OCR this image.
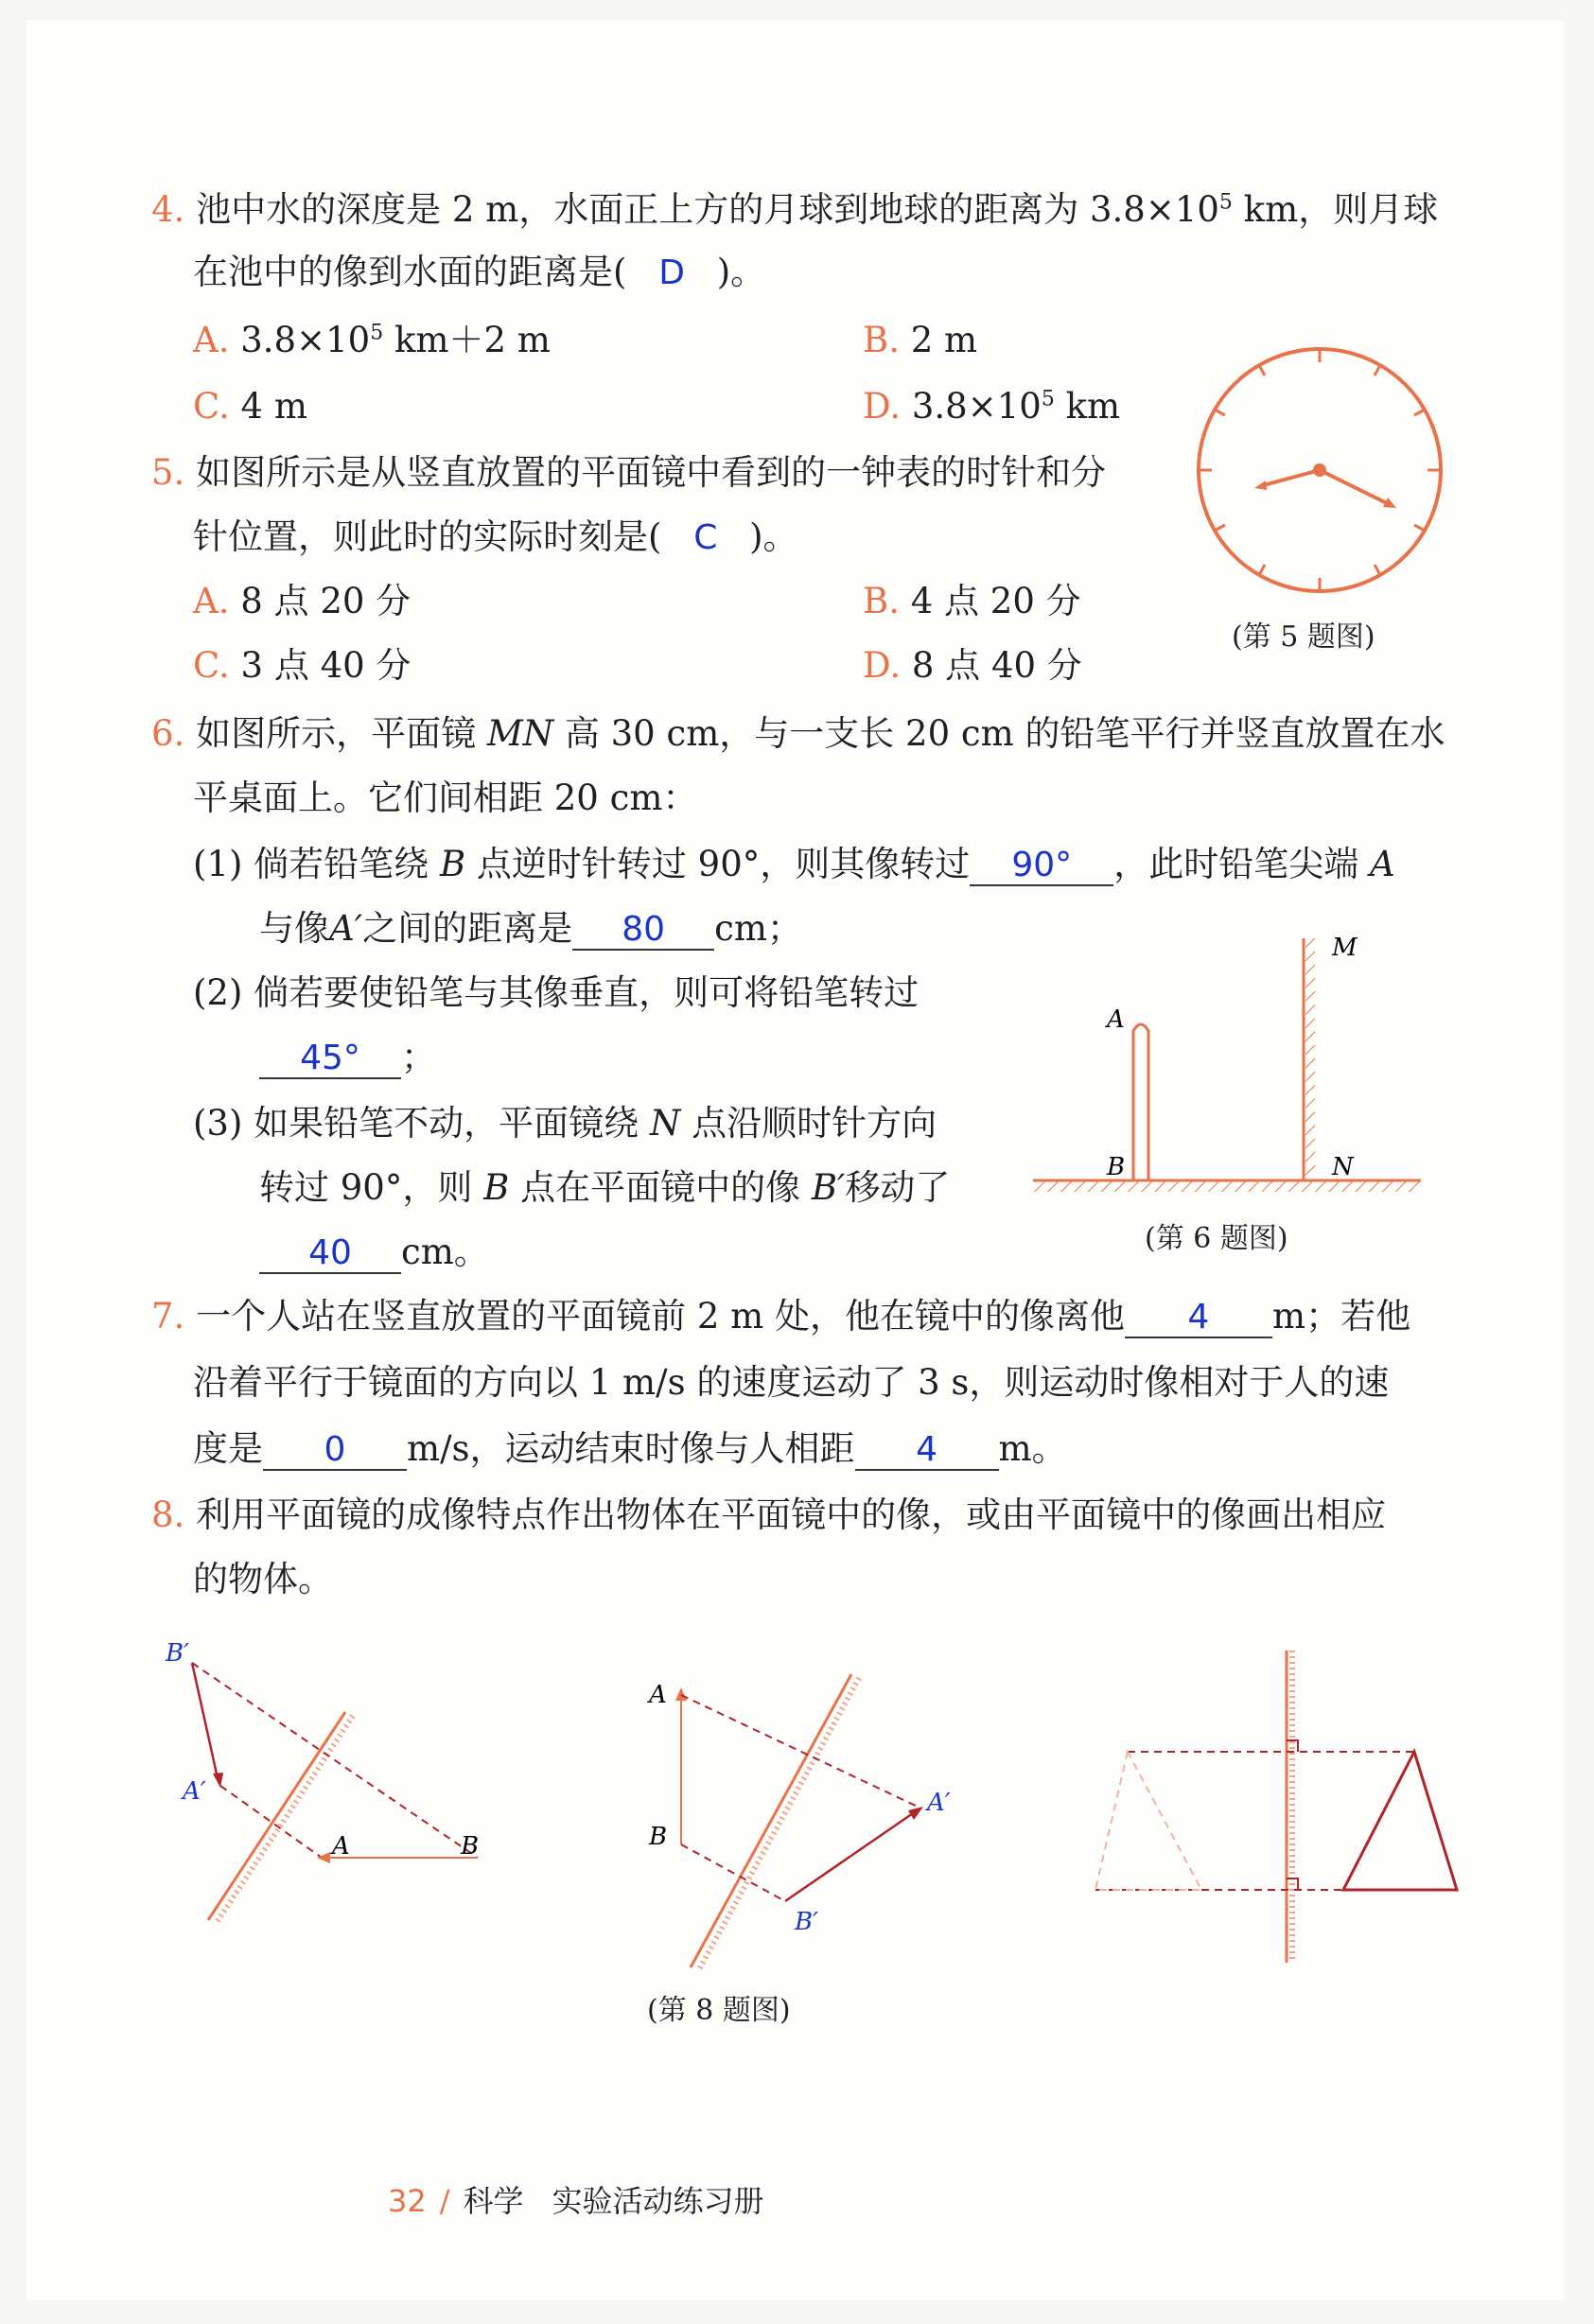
4. 池中水的深度是 2 m，水面正上方的月球到地球的距离为 $3.8\times 10^5$ km，则月球
在池中的像到水面的距离是( D )。
A. $3.8\times 10^5$ km＋2 m	B. 2 m
C. 4 m	D. $3.8\times 10^5$ km
5. 如图所示是从竖直放置的平面镜中看到的一钟表的时针和分
针位置，则此时的实际时刻是( C )。
A. 8 点 20 分	B. 4 点 20 分
C. 3 点 40 分	D. 8 点 40 分
(第 5 题图)
6. 如图所示，平面镜 MN 高 30 cm，与一支长 20 cm 的铅笔平行并竖直放置在水
平桌面上。它们间相距 20 cm：
(1) 倘若铅笔绕 B 点逆时针转过 90°，则其像转过 90° ，此时铅笔尖端 A
与像A′之间的距离是 80 cm；
(2) 倘若要使铅笔与其像垂直，则可将铅笔转过
45° ；
(3) 如果铅笔不动，平面镜绕 N 点沿顺时针方向
转过 90°，则 B 点在平面镜中的像 B′移动了
40 cm。
M
A
B	N
(第 6 题图)
7. 一个人站在竖直放置的平面镜前 2 m 处，他在镜中的像离他 4 m；若他
沿着平行于镜面的方向以 1 m/s 的速度运动了 3 s，则运动时像相对于人的速
度是 0 m/s，运动结束时像与人相距 4 m。
8. 利用平面镜的成像特点作出物体在平面镜中的像，或由平面镜中的像画出相应
的物体。
B′
A′
A	B
A
B
A′
B′
(第 8 题图)
32 / 科学 实验活动练习册
